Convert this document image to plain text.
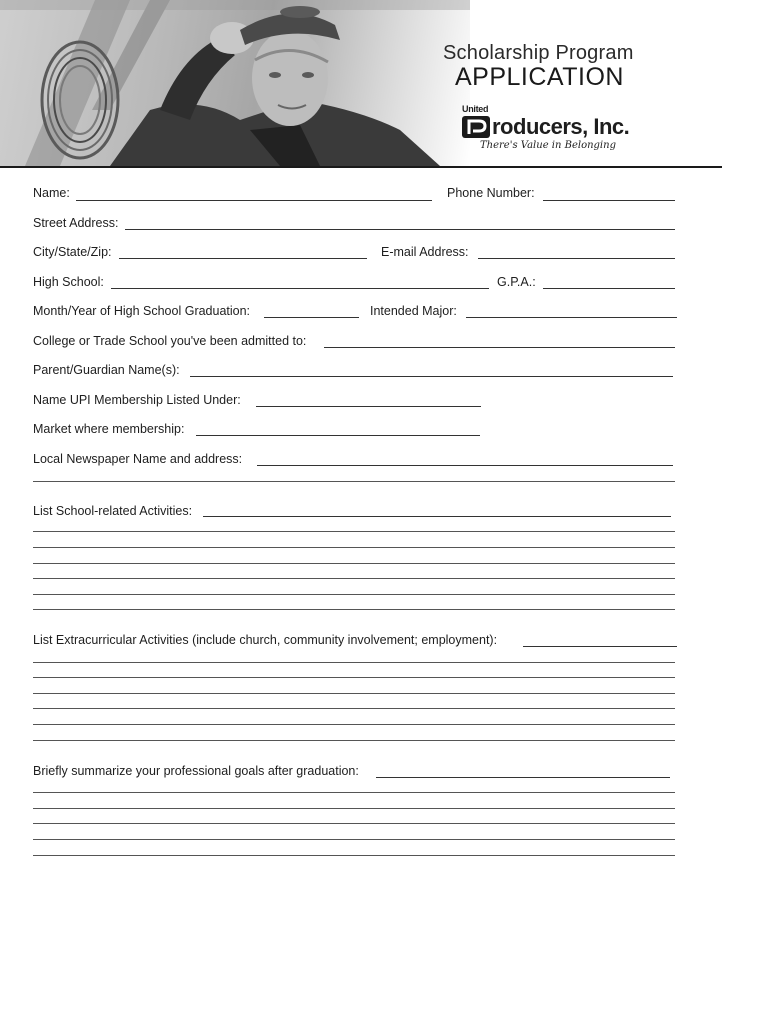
Scholarship Program
APPLICATION
United
roducers, Inc.
There's Value in Belonging
Name:	Phone Number:
Street Address:
City/State/Zip:	E-mail Address:
High School:	G.P.A.:
Month/Year of High School Graduation:	Intended Major:
College or Trade School you've been admitted to:
Parent/Guardian Name(s):
Name UPI Membership Listed Under:
Market where membership:
Local Newspaper Name and address:
List School-related Activities:
List Extracurricular Activities (include church, community involvement; employment):
Briefly summarize your professional goals after graduation:
